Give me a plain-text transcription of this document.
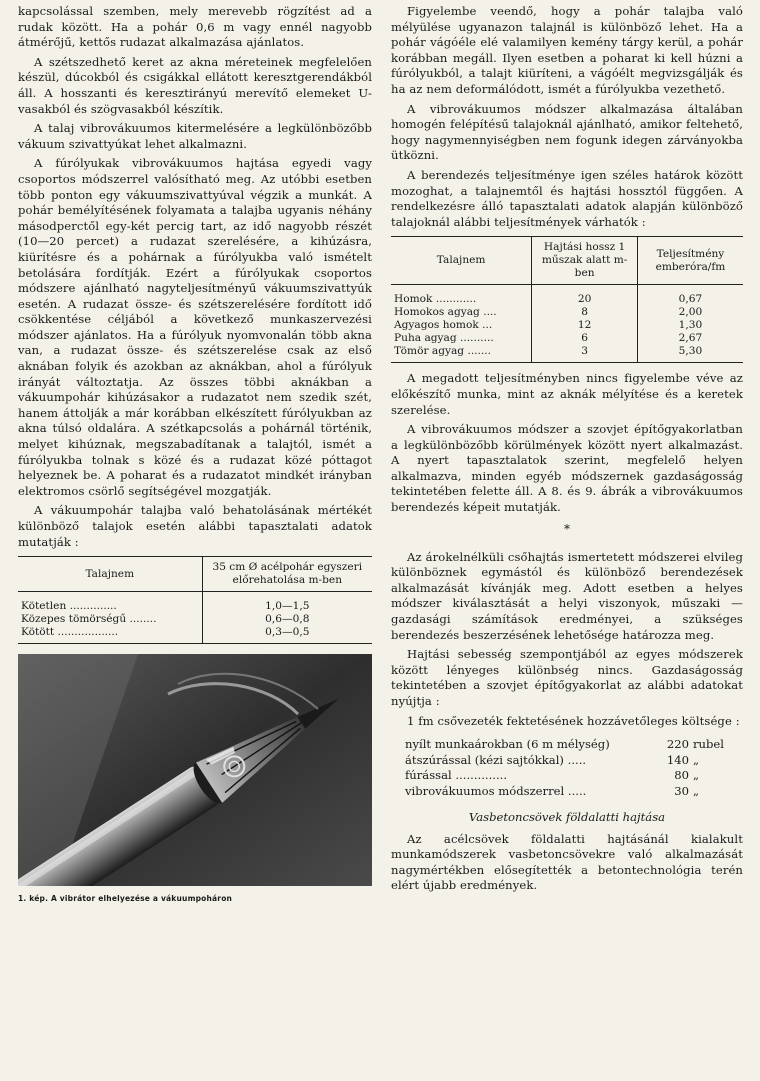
kapcsolással szemben, mely merevebb rögzítést ad a rudak között. Ha a pohár 0,6 m vagy ennél nagyobb átmérőjű, kettős rudazat alkalmazása ajánlatos.

A szétszedhető keret az akna méreteinek megfelelően készül, dúcokból és csigákkal ellátott keresztgerendákból áll. A hosszanti és keresztirányú merevítő elemeket U-vasakból és szögvasakból készítik.

A talaj vibrovákuumos kitermelésére a legkülönbözőbb vákuum szivattyúkat lehet alkalmazni.

A fúrólyukak vibrovákuumos hajtása egyedi vagy csoportos módszerrel valósítható meg. Az utóbbi esetben több ponton egy vákuumszivattyúval végzik a munkát. A pohár bemélyítésének folyamata a talajba ugyanis néhány másodperctől egy-két percig tart, az idő nagyobb részét (10—20 percet) a rudazat szerelésére, a kihúzásra, kiürítésre és a pohárnak a fúrólyukba való ismételt betolására fordítják. Ezért a fúrólyukak csoportos módszere ajánlható nagyteljesítményű vákuumszivattyúk esetén. A rudazat össze- és szétszerelésére fordított idő csökkentése céljából a következő munkaszervezési módszer ajánlatos. Ha a fúrólyuk nyomvonalán több akna van, a rudazat össze- és szétszerelése csak az első aknában folyik és azokban az aknákban, ahol a fúrólyuk irányát változtatja. Az összes többi aknákban a vákuumpohár kihúzásakor a rudazatot nem szedik szét, hanem áttolják a már korábban elkészített fúrólyukban az akna túlsó oldalára. A szétkapcsolás a pohárnál történik, melyet kihúznak, megszabadítanak a talajtól, ismét a fúrólyukba tolnak s közé és a rudazat közé póttagot helyeznek be. A poharat és a rudazatot mindkét irányban elektromos csörlő segítségével mozgatják.

A vákuumpohár talajba való behatolásának mértékét különböző talajok esetén alábbi tapasztalati adatok mutatják :

Talajnem	35 cm Ø acélpohár egyszeri előrehatolása m-ben
Kötetlen ..............	1,0—1,5
Közepes tömörségű ........	0,6—0,8
Kötött ..................	0,3—0,5
1. kép. A vibrátor elhelyezése a vákuumpoháron

Figyelembe veendő, hogy a pohár talajba való mélyülése ugyanazon talajnál is különböző lehet. Ha a pohár vágóéle elé valamilyen kemény tárgy kerül, a pohár korábban megáll. Ilyen esetben a poharat ki kell húzni a fúrólyukból, a talajt kiüríteni, a vágóélt megvizsgálják és ha az nem deformálódott, ismét a fúrólyukba vezethető.

A vibrovákuumos módszer alkalmazása általában homogén felépítésű talajoknál ajánlható, amikor feltehető, hogy nagymennyiségben nem fogunk idegen zárványokba ütközni.

A berendezés teljesítménye igen széles határok között mozoghat, a talajnemtől és hajtási hossztól függően. A rendelkezésre álló tapasztalati adatok alapján különböző talajoknál alábbi teljesítmények várhatók :

Talajnem	Hajtási hossz 1 műszak alatt m-ben	Teljesítmény emberóra/fm
Homok ............	20	0,67
Homokos agyag ....	8	2,00
Agyagos homok ...	12	1,30
Puha agyag ..........	6	2,67
Tömör agyag .......	3	5,30

A megadott teljesítményben nincs figyelembe véve az előkészítő munka, mint az aknák mélyítése és a keretek szerelése.

A vibrovákuumos módszer a szovjet építőgyakorlatban a legkülönbözőbb körülmények között nyert alkalmazást. A nyert tapasztalatok szerint, megfelelő helyen alkalmazva, minden egyéb módszernek gazdaságosság tekintetében felette áll. A 8. és 9. ábrák a vibrovákuumos berendezés képeit mutatják.

*

Az árokelnélküli csőhajtás ismertetett módszerei elvileg különböznek egymástól és különböző berendezések alkalmazását kívánják meg. Adott esetben a helyes módszer kiválasztását a helyi viszonyok, műszaki —gazdasági számítások eredményei, a szükséges berendezés beszerzésének lehetősége határozza meg.

Hajtási sebesség szempontjából az egyes módszerek között lényeges különbség nincs. Gazdaságosság tekintetében a szovjet építőgyakorlat az alábbi adatokat nyújtja :

1 fm csővezeték fektetésének hozzávetőleges költsége :

nyílt munkaárokban (6 m mélység)	220	rubel
átszúrással (kézi sajtókkal) .....	140	„
fúrással ..............	80	„
vibrovákuumos módszerrel .....	30	„
Vasbetoncsövek földalatti hajtása

Az acélcsövek földalatti hajtásánál kialakult munkamódszerek vasbetoncsövekre való alkalmazását nagymértékben elősegítették a betontechnológia terén elért újabb eredmények.
